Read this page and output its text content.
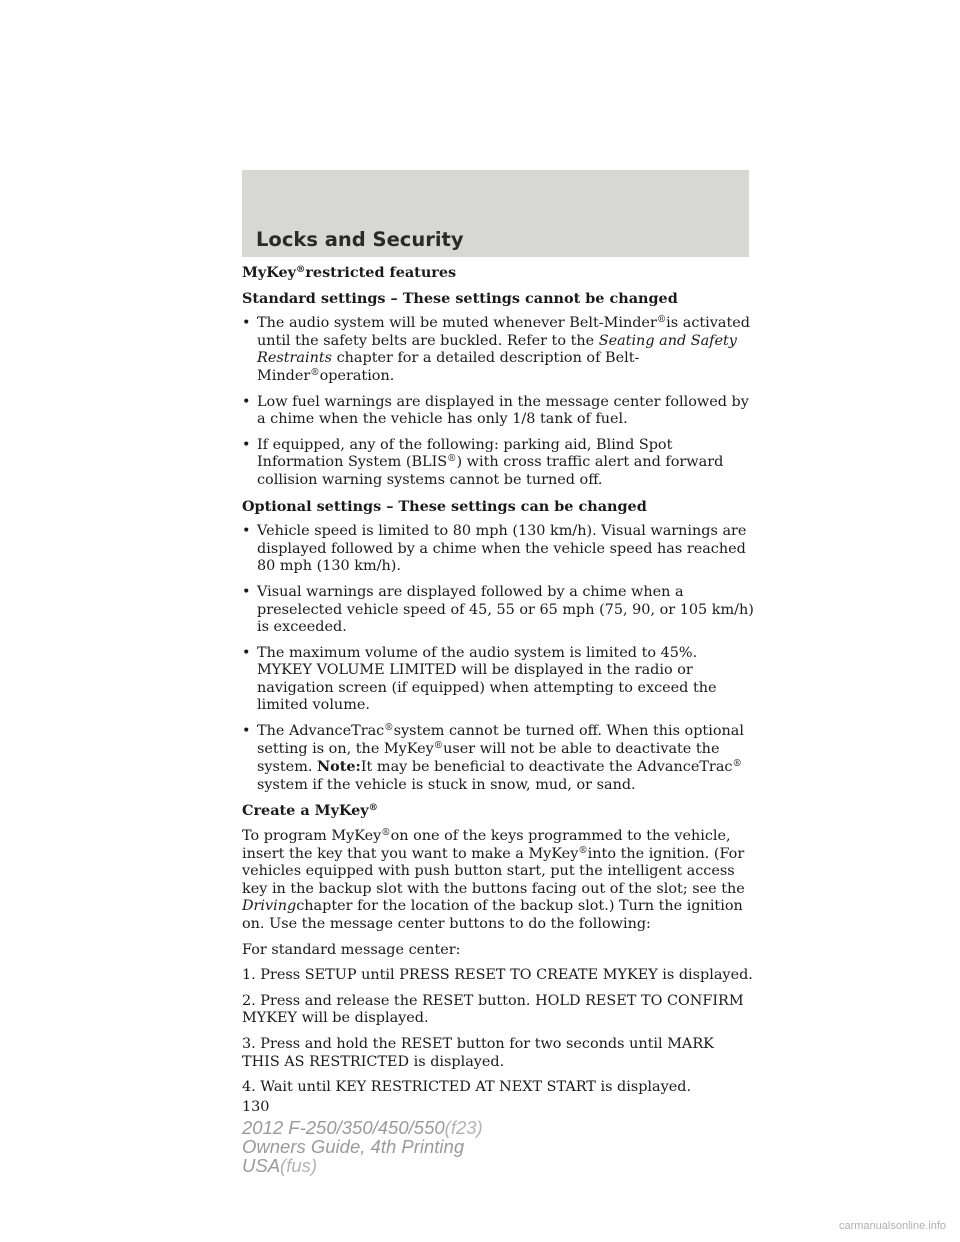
Locks and Security

MyKey®restricted features

Standard settings – These settings cannot be changed

• The audio system will be muted whenever Belt-Minder®is activated until the safety belts are buckled. Refer to the Seating and Safety Restraints chapter for a detailed description of Belt-Minder®operation.
• Low fuel warnings are displayed in the message center followed by a chime when the vehicle has only 1/8 tank of fuel.
• If equipped, any of the following: parking aid, Blind Spot Information System (BLIS®) with cross traffic alert and forward collision warning systems cannot be turned off.

Optional settings – These settings can be changed

• Vehicle speed is limited to 80 mph (130 km/h). Visual warnings are displayed followed by a chime when the vehicle speed has reached 80 mph (130 km/h).
• Visual warnings are displayed followed by a chime when a preselected vehicle speed of 45, 55 or 65 mph (75, 90, or 105 km/h) is exceeded.
• The maximum volume of the audio system is limited to 45%. MYKEY VOLUME LIMITED will be displayed in the radio or navigation screen (if equipped) when attempting to exceed the limited volume.
• The AdvanceTrac®system cannot be turned off. When this optional setting is on, the MyKey®user will not be able to deactivate the system. Note:It may be beneficial to deactivate the AdvanceTrac® system if the vehicle is stuck in snow, mud, or sand.

Create a MyKey®

To program MyKey®on one of the keys programmed to the vehicle, insert the key that you want to make a MyKey®into the ignition. (For vehicles equipped with push button start, put the intelligent access key in the backup slot with the buttons facing out of the slot; see the Drivingchapter for the location of the backup slot.) Turn the ignition on. Use the message center buttons to do the following:

For standard message center:

1. Press SETUP until PRESS RESET TO CREATE MYKEY is displayed.

2. Press and release the RESET button. HOLD RESET TO CONFIRM MYKEY will be displayed.

3. Press and hold the RESET button for two seconds until MARK THIS AS RESTRICTED is displayed.

4. Wait until KEY RESTRICTED AT NEXT START is displayed.

130
2012 F-250/350/450/550(f23)
Owners Guide, 4th Printing
USA(fus)
carmanualsonline.info
